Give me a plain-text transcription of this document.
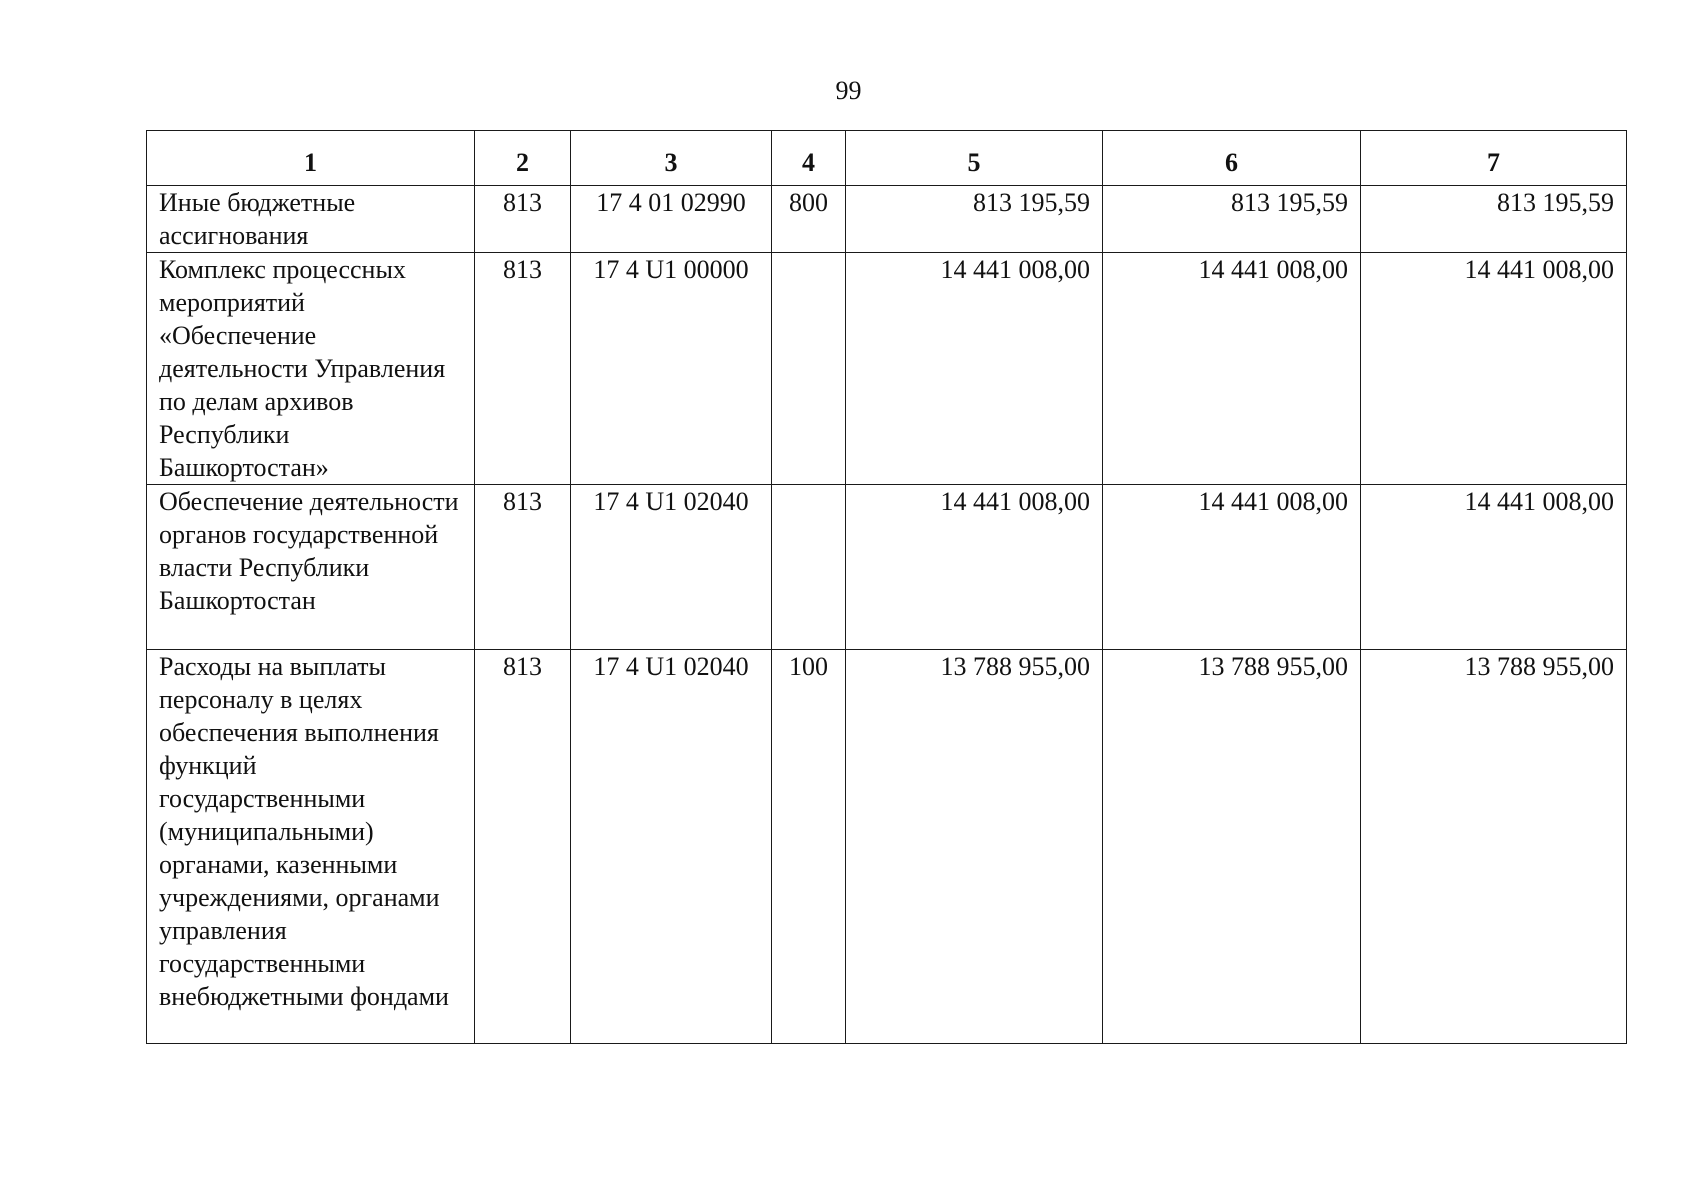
99
1	2	3	4	5	6	7
Иные бюджетные ассигнования	813	17 4 01 02990	800	813 195,59	813 195,59	813 195,59
Комплекс процессных мероприятий «Обеспечение деятельности Управления по делам архивов Республики Башкортостан»	813	17 4 U1 00000		14 441 008,00	14 441 008,00	14 441 008,00
Обеспечение деятельности органов государственной власти Республики Башкортостан	813	17 4 U1 02040		14 441 008,00	14 441 008,00	14 441 008,00
Расходы на выплаты персоналу в целях обеспечения выполнения функций государственными (муниципальными) органами, казенными учреждениями, органами управления государственными внебюджетными фондами	813	17 4 U1 02040	100	13 788 955,00	13 788 955,00	13 788 955,00
